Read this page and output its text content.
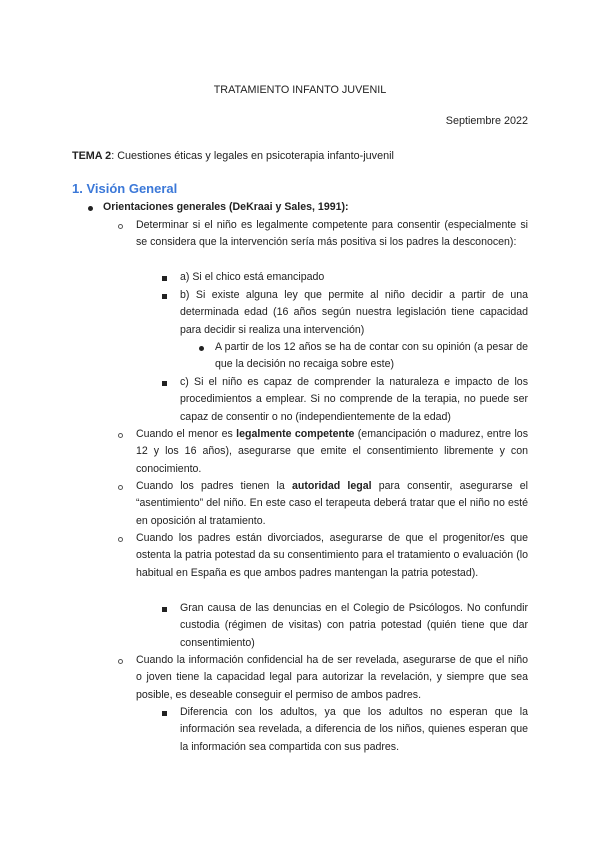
TRATAMIENTO INFANTO JUVENIL
Septiembre 2022
TEMA 2: Cuestiones éticas y legales en psicoterapia infanto-juvenil
1. Visión General
Orientaciones generales (DeKraai y Sales, 1991):
Determinar si el niño es legalmente competente para consentir (especialmente si se considera que la intervención sería más positiva si los padres la desconocen):
a) Si el chico está emancipado
b) Si existe alguna ley que permite al niño decidir a partir de una determinada edad (16 años según nuestra legislación tiene capacidad para decidir si realiza una intervención)
A partir de los 12 años se ha de contar con su opinión (a pesar de que la decisión no recaiga sobre este)
c) Si el niño es capaz de comprender la naturaleza e impacto de los procedimientos a emplear. Si no comprende de la terapia, no puede ser capaz de consentir o no (independientemente de la edad)
Cuando el menor es legalmente competente (emancipación o madurez, entre los 12 y los 16 años), asegurarse que emite el consentimiento libremente y con conocimiento.
Cuando los padres tienen la autoridad legal para consentir, asegurarse el “asentimiento” del niño. En este caso el terapeuta deberá tratar que el niño no esté en oposición al tratamiento.
Cuando los padres están divorciados, asegurarse de que el progenitor/es que ostenta la patria potestad da su consentimiento para el tratamiento o evaluación (lo habitual en España es que ambos padres mantengan la patria potestad).
Gran causa de las denuncias en el Colegio de Psicólogos. No confundir custodia (régimen de visitas) con patria potestad (quién tiene que dar consentimiento)
Cuando la información confidencial ha de ser revelada, asegurarse de que el niño o joven tiene la capacidad legal para autorizar la revelación, y siempre que sea posible, es deseable conseguir el permiso de ambos padres.
Diferencia con los adultos, ya que los adultos no esperan que la información sea revelada, a diferencia de los niños, quienes esperan que la información sea compartida con sus padres.
